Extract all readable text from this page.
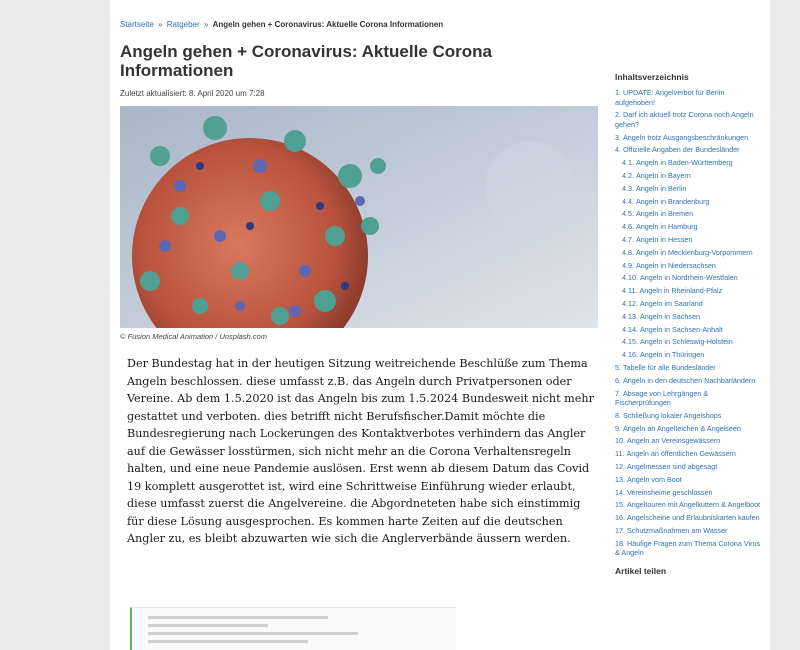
Startseite » Ratgeber » Angeln gehen + Coronavirus: Aktuelle Corona Informationen
Angeln gehen + Coronavirus: Aktuelle Corona Informationen
Zuletzt aktualisiert: 8. April 2020 um 7:28
© Fusion Medical Animation / Unsplash.com

Der Bundestag hat in der heutigen Sitzung weitreichende Beschlüße zum Thema Angeln beschlossen. diese umfasst z.B. das Angeln durch Privatpersonen oder Vereine. Ab dem 1.5.2020 ist das Angeln bis zum 1.5.2024 Bundesweit nicht mehr gestattet und verboten. dies betrifft nicht Berufsfischer.Damit möchte die Bundesregierung nach Lockerungen des Kontaktverbotes verhindern das Angler auf die Gewässer losstürmen, sich nicht mehr an die Corona Verhaltensregeln halten, und eine neue Pandemie auslösen. Erst wenn ab diesem Datum das Covid 19 komplett ausgerottet ist, wird eine Schrittweise Einführung wieder erlaubt, diese umfasst zuerst die Angelvereine. die Abgordneteten habe sich einstimmig für diese Lösung ausgesprochen. Es kommen harte Zeiten auf die deutschen Angler zu, es bleibt abzuwarten wie sich die Anglerverbände äussern werden.

Inhaltsverzeichnis
1. UPDATE: Angelverbot für Berlin aufgehoben!
2. Darf ich aktuell trotz Corona noch Angeln gehen?
3. Angeln trotz Ausgangsbeschränkungen
4. Offizielle Angaben der Bundesländer
4.1. Angeln in Baden-Württemberg
4.2. Angeln in Bayern
4.3. Angeln in Berlin
4.4. Angeln in Brandenburg
4.5. Angeln in Bremen
4.6. Angeln in Hamburg
4.7. Angeln in Hessen
4.8. Angeln in Mecklenburg-Vorpommern
4.9. Angeln in Niedersachsen
4.10. Angeln in Nordrhein-Westfalen
4.11. Angeln in Rheinland-Pfalz
4.12. Angeln im Saarland
4.13. Angeln in Sachsen
4.14. Angeln in Sachsen-Anhalt
4.15. Angeln in Schleswig-Holstein
4.16. Angeln in Thüringen
5. Tabelle für alle Bundesländer
6. Angeln in den deutschen Nachbarländern
7. Absage von Lehrgängen & Fischerprüfungen
8. Schließung lokaler Angelshops
9. Angeln an Angelteichen & Angelseen
10. Angeln an Vereinsgewässern
11. Angeln an öffentlichen Gewässern
12. Angelmessen sind abgesagt
13. Angeln vom Boot
14. Vereinsheime geschlossen
15. Angeltouren mit Angelkuttern & Angelboot
16. Angelscheine und Erlaubniskarten kaufen
17. Schutzmaßnahmen am Wasser
18. Häufige Fragen zum Thema Corona Virus & Angeln
Artikel teilen
